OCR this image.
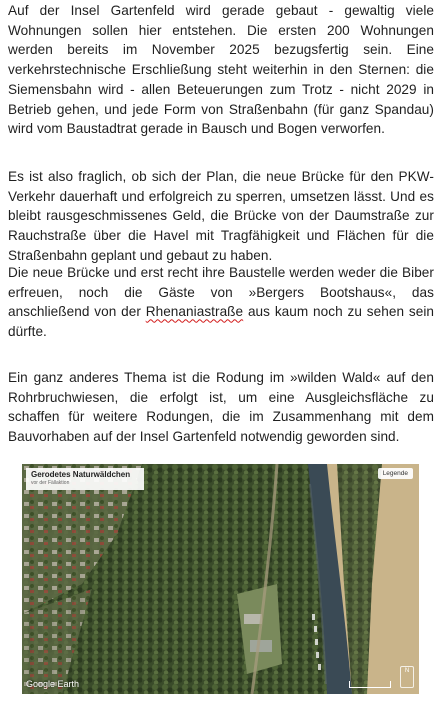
Auf der Insel Gartenfeld wird gerade gebaut - gewaltig viele Wohnungen sollen hier entstehen. Die ersten 200 Wohnungen werden bereits im November 2025 bezugsfertig sein. Eine verkehrstechnische Erschließung steht weiterhin in den Sternen: die Siemensbahn wird - allen Beteuerungen zum Trotz - nicht 2029 in Betrieb gehen, und jede Form von Straßenbahn (für ganz Spandau) wird vom Baustadtrat gerade in Bausch und Bogen verworfen.

Es ist also fraglich, ob sich der Plan, die neue Brücke für den PKW-Verkehr dauerhaft und erfolgreich zu sperren, umsetzen lässt. Und es bleibt rausgeschmissenes Geld, die Brücke von der Daumstraße zur Rauchstraße über die Havel mit Tragfähigkeit und Flächen für die Straßenbahn geplant und gebaut zu haben.

Die neue Brücke und erst recht ihre Baustelle werden weder die Biber erfreuen, noch die Gäste von »Bergers Bootshaus«, das anschließend von der Rhenaniastraße aus kaum noch zu sehen sein dürfte.

Ein ganz anderes Thema ist die Rodung im »wilden Wald« auf den Rohrbruchwiesen, die erfolgt ist, um eine Ausgleichsfläche zu schaffen für weitere Rodungen, die im Zusammenhang mit dem Bauvorhaben auf der Insel Gartenfeld notwendig geworden sind.

Gerodetes Naturwäldchen
vor der Fällaktion
Legende
Google Earth
N
